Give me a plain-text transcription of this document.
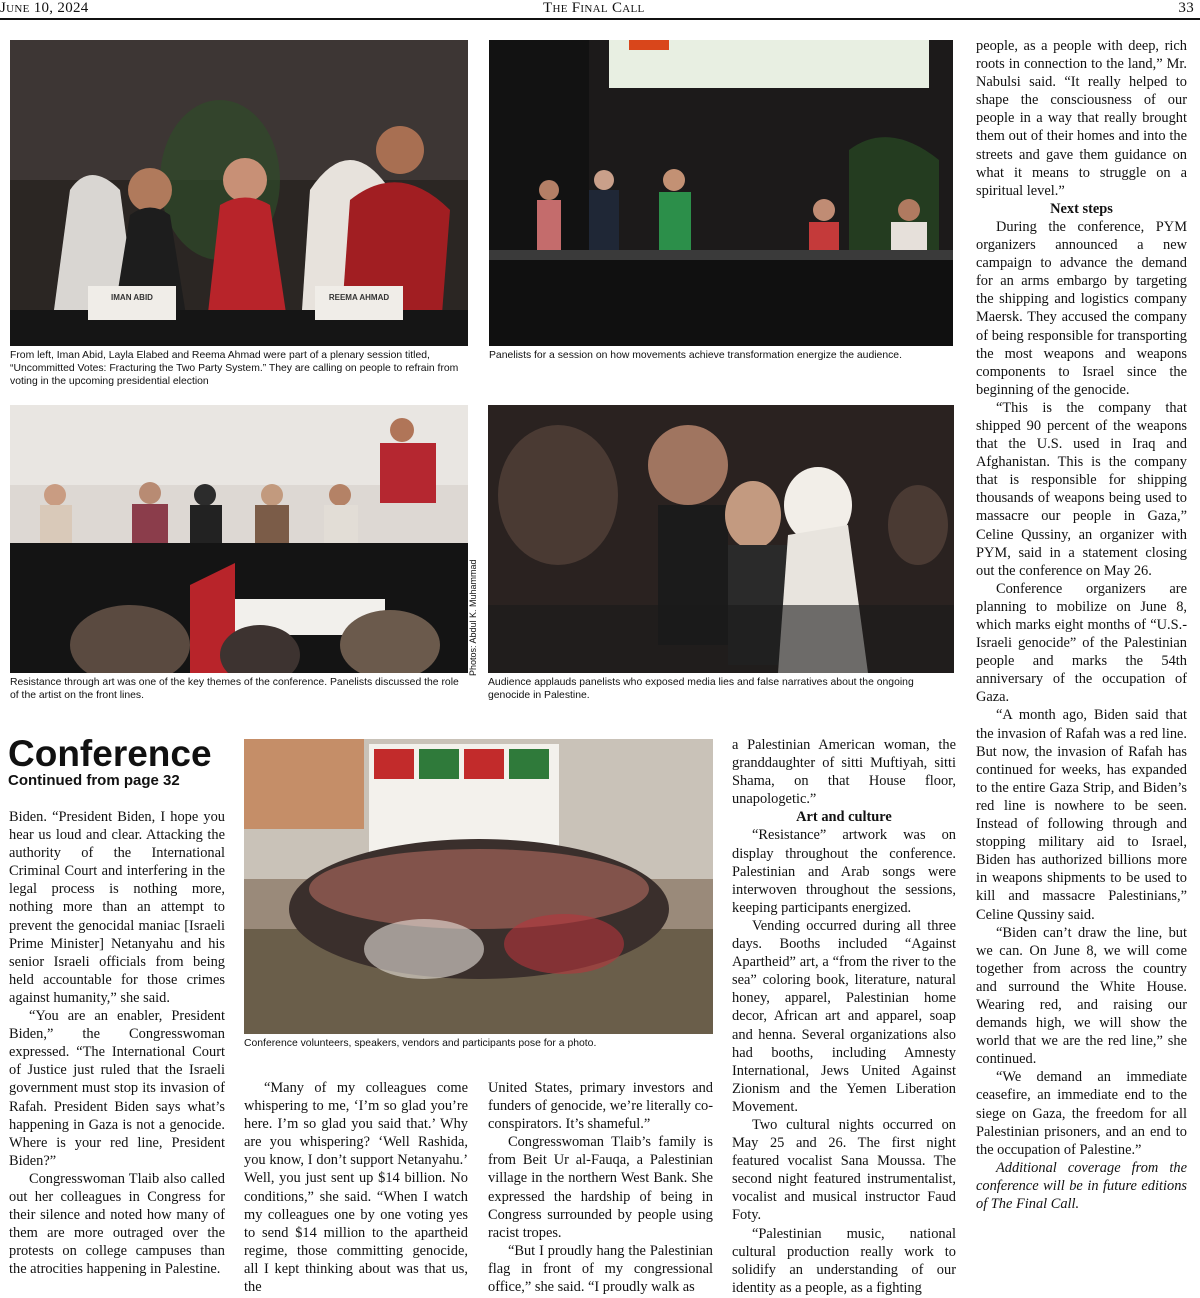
June 10, 2024	The Final Call	33
IMAN ABID	REEMA AHMAD
From left, Iman Abid, Layla Elabed and Reema Ahmad were part of a plenary session titled, “Uncommitted Votes: Fracturing the Two Party System.” They are calling on people to refrain from voting in the upcoming presidential election
Panelists for a session on how movements achieve transformation energize the audience.
Photos: Abdul K. Muhammad
Resistance through art was one of the key themes of the conference. Panelists discussed the role of the artist on the front lines.
Audience applauds panelists who exposed media lies and false narratives about the ongoing genocide in Palestine.
Conference
Continued from page 32
Conference volunteers, speakers, vendors and participants pose for a photo.

Biden. “President Biden, I hope you hear us loud and clear. Attacking the authority of the International Criminal Court and interfering in the legal process is nothing more, nothing more than an attempt to prevent the genocidal maniac [Israeli Prime Minister] Netanyahu and his senior Israeli officials from being held accountable for those crimes against humanity,” she said.

“You are an enabler, President Biden,” the Congresswoman expressed. “The International Court of Justice just ruled that the Israeli government must stop its invasion of Rafah. President Biden says what’s happening in Gaza is not a genocide. Where is your red line, President Biden?”

Congresswoman Tlaib also called out her colleagues in Congress for their silence and noted how many of them are more outraged over the protests on college campuses than the atrocities happening in Palestine.

“Many of my colleagues come whispering to me, ‘I’m so glad you’re here. I’m so glad you said that.’ Why are you whispering? ‘Well Rashida, you know, I don’t support Netanyahu.’ Well, you just sent up $14 billion. No conditions,” she said. “When I watch my colleagues one by one voting yes to send $14 million to the apartheid regime, those committing genocide, all I kept thinking about was that us, the

United States, primary investors and funders of genocide, we’re literally co-conspirators. It’s shameful.”

Congresswoman Tlaib’s family is from Beit Ur al-Fauqa, a Palestinian village in the northern West Bank. She expressed the hardship of being in Congress surrounded by people using racist tropes.

“But I proudly hang the Palestinian flag in front of my congressional office,” she said. “I proudly walk as

a Palestinian American woman, the granddaughter of sitti Muftiyah, sitti Shama, on that House floor, unapologetic.”

Art and culture

“Resistance” artwork was on display throughout the conference. Palestinian and Arab songs were interwoven throughout the sessions, keeping participants energized.

Vending occurred during all three days. Booths included “Against Apartheid” art, a “from the river to the sea” coloring book, literature, natural honey, apparel, Palestinian home decor, African art and apparel, soap and henna. Several organizations also had booths, including Amnesty International, Jews United Against Zionism and the Yemen Liberation Movement.

Two cultural nights occurred on May 25 and 26. The first night featured vocalist Sana Moussa. The second night featured instrumentalist, vocalist and musical instructor Faud Foty.

“Palestinian music, national cultural production really work to solidify an understanding of our identity as a people, as a fighting

people, as a people with deep, rich roots in connection to the land,” Mr. Nabulsi said. “It really helped to shape the consciousness of our people in a way that really brought them out of their homes and into the streets and gave them guidance on what it means to struggle on a spiritual level.”

Next steps

During the conference, PYM organizers announced a new campaign to advance the demand for an arms embargo by targeting the shipping and logistics company Maersk. They accused the company of being responsible for transporting the most weapons and weapons components to Israel since the beginning of the genocide.

“This is the company that shipped 90 percent of the weapons that the U.S. used in Iraq and Afghanistan. This is the company that is responsible for shipping thousands of weapons being used to massacre our people in Gaza,” Celine Qussiny, an organizer with PYM, said in a statement closing out the conference on May 26.

Conference organizers are planning to mobilize on June 8, which marks eight months of “U.S.-Israeli genocide” of the Palestinian people and marks the 54th anniversary of the occupation of Gaza.

“A month ago, Biden said that the invasion of Rafah was a red line. But now, the invasion of Rafah has continued for weeks, has expanded to the entire Gaza Strip, and Biden’s red line is nowhere to be seen. Instead of following through and stopping military aid to Israel, Biden has authorized billions more in weapons shipments to be used to kill and massacre Palestinians,” Celine Qussiny said.

“Biden can’t draw the line, but we can. On June 8, we will come together from across the country and surround the White House. Wearing red, and raising our demands high, we will show the world that we are the red line,” she continued.

“We demand an immediate ceasefire, an immediate end to the siege on Gaza, the freedom for all Palestinian prisoners, and an end to the occupation of Palestine.”

Additional coverage from the conference will be in future editions of The Final Call.
